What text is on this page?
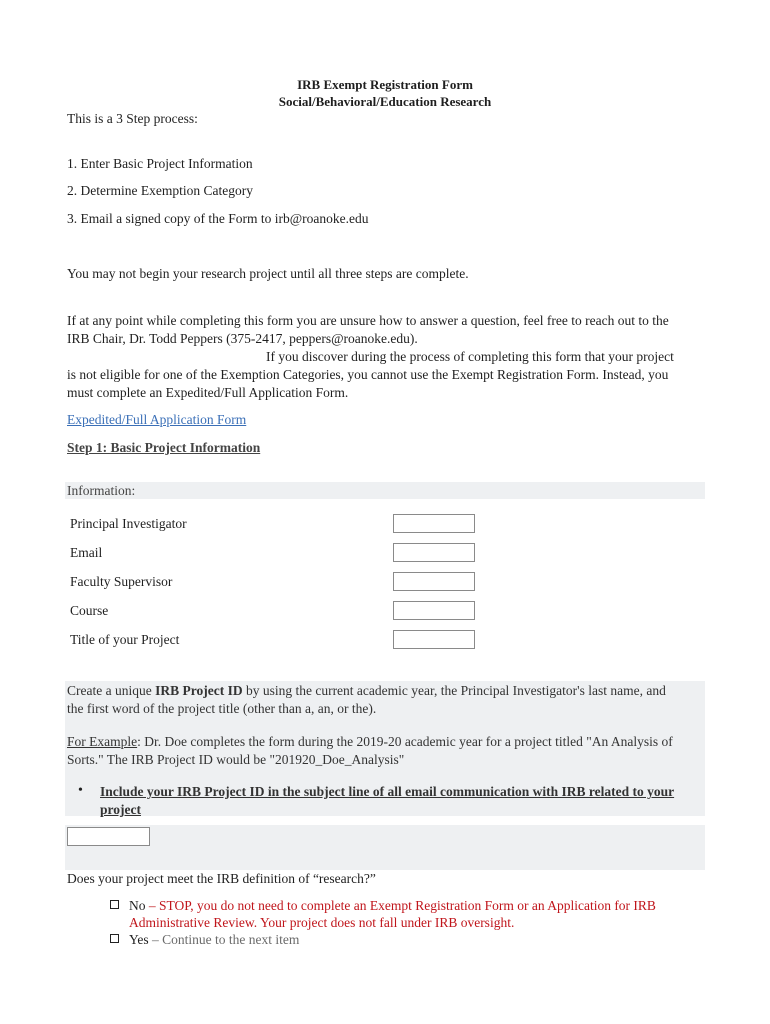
IRB Exempt Registration Form
Social/Behavioral/Education Research
This is a 3 Step process:
1. Enter Basic Project Information
2. Determine Exemption Category
3. Email a signed copy of the Form to irb@roanoke.edu
You may not begin your research project until all three steps are complete.
If at any point while completing this form you are unsure how to answer a question, feel free to reach out to the
IRB Chair, Dr. Todd Peppers (375-2417, peppers@roanoke.edu).
If you discover during the process of completing this form that your project
is not eligible for one of the Exemption Categories, you cannot use the Exempt Registration Form. Instead, you
must complete an Expedited/Full Application Form.
Expedited/Full Application Form
Step 1: Basic Project Information
Information:
Principal Investigator
Email
Faculty Supervisor
Course
Title of your Project
Create a unique IRB Project ID by using the current academic year, the Principal Investigator's last name, and
the first word of the project title (other than a, an, or the).
For Example: Dr. Doe completes the form during the 2019-20 academic year for a project titled "An Analysis of
Sorts." The IRB Project ID would be "201920_Doe_Analysis"
• Include your IRB Project ID in the subject line of all email communication with IRB related to your
project
Does your project meet the IRB definition of “research?”
No – STOP, you do not need to complete an Exempt Registration Form or an Application for IRB
Administrative Review. Your project does not fall under IRB oversight.
Yes – Continue to the next item
